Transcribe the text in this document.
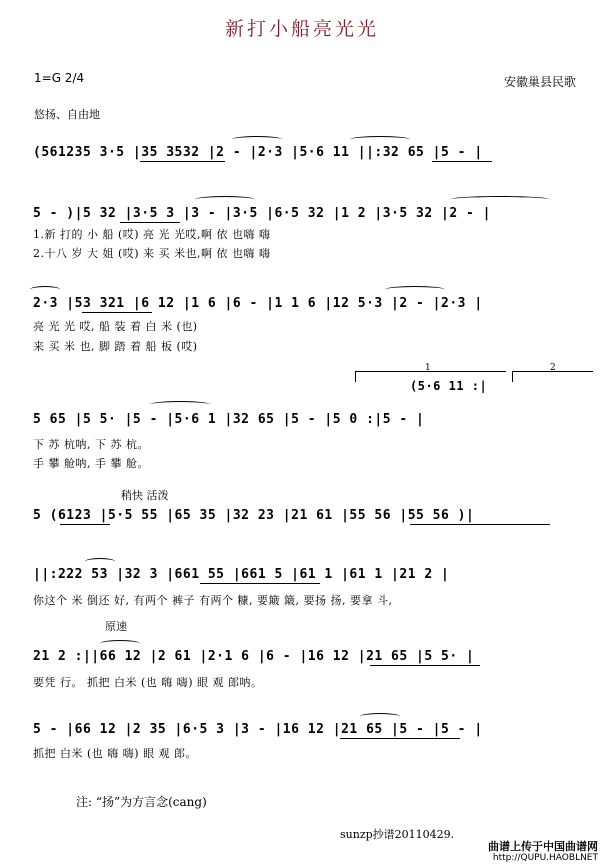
新打小船亮光光
1=G 2/4	安徽巢县民歌
悠扬、自由地
(561235 3·5 |35 3532 |2 - |2·3 |5·6 11 ||:32 65 |5 - |
5 - )|5 32 |3·5 3 |3 - |3·5 |6·5 32 |1 2 |3·5 32 |2 - |
1.新 打的 小 船 (哎) 亮 光 光哎,啊 依 也嗨 嗨
2.十八 岁 大 姐 (哎) 来 买 米也,啊 依 也嗨 嗨
2·3 |53 321 |6 12 |1 6 |6 - |1 1 6 |12 5·3 |2 - |2·3 |
亮 光 光 哎, 船 装 着 白 米 (也)
来 买 米 也, 脚 踏 着 船 板 (哎)
1	2
(5·6 11 :|
5 65 |5 5· |5 - |5·6 1 |32 65 |5 - |5 0 :|5 - |
下 苏 杭呐, 下 苏 杭。
手 攀 舱呐, 手 攀 舱。
稍快 活泼
5 (6123 |5·5 55 |65 35 |32 23 |21 61 |55 56 |55 56 )|
||:222 53 |32 3 |661 55 |661 5 |61 1 |61 1 |21 2 |
你这个 米 倒还 好, 有两个 裤子 有两个 糠, 要簸 簸, 要扬 扬, 要拿 斗,
原速
21 2 :||66 12 |2 61 |2·1 6 |6 - |16 12 |21 65 |5 5· |
要凭 行。 抓把 白米 (也 嗨 嗨) 眼 观 郎呐。
5 - |66 12 |2 35 |6·5 3 |3 - |16 12 |21 65 |5 - |5 - |
抓把 白米 (也 嗨 嗨) 眼 观 郎。
注: “扬”为方言念(cang)
sunzp抄谱20110429.
曲谱上传于中国曲谱网
http://QUPU.HAOBLNET
